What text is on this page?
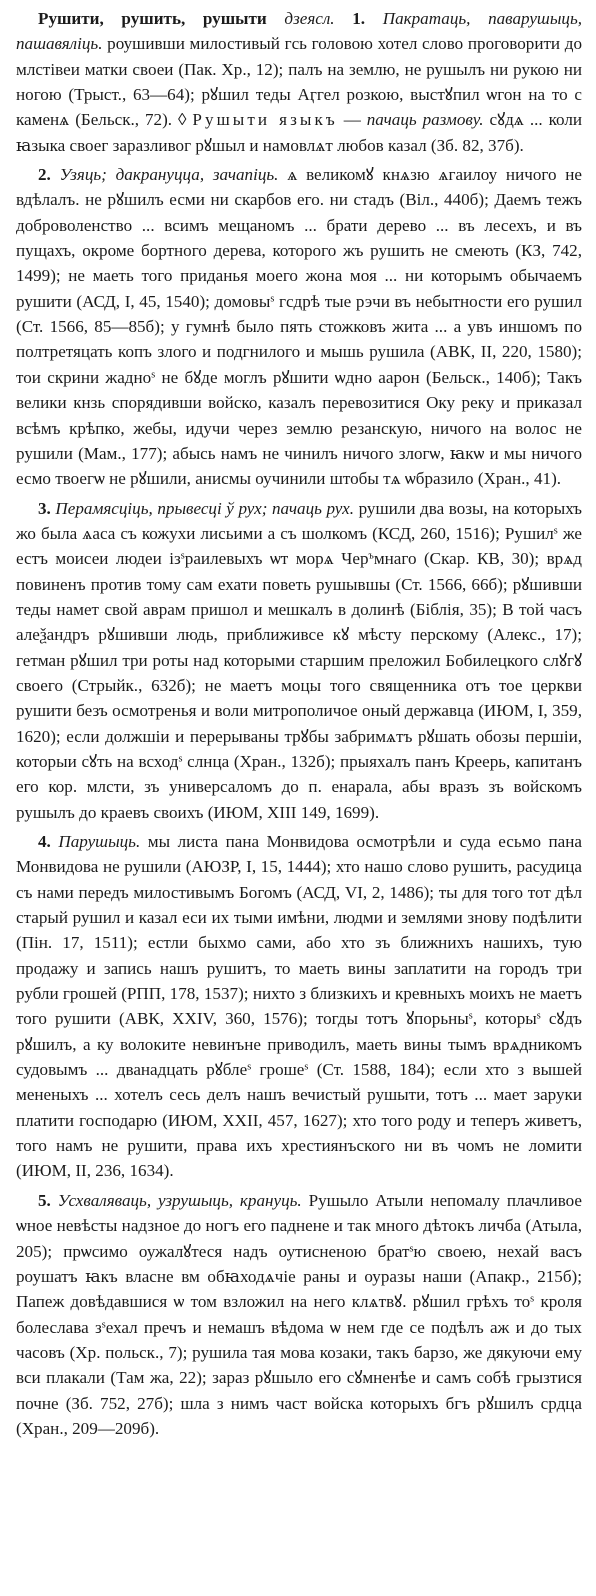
Рушити, рушить, рушыти дзеясл. 1. Пакратаць, паварушыць, пашавяліць. роушивши милостивый гсь головою хотел слово проговорити до млстівеи матки своеи (Пак. Хр., 12); палъ на землю, не рушылъ ни рукою ни ногою (Трыст., 63—64); рꙋшил теды Аӷгел розкою, выстꙋпил ѡгон на то с каменѧ (Бельск., 72). ◊ Рушыти языкъ — пачаць размову. сꙋдѧ ... коли ꙗзыка своег заразливог рꙋшыл и намовлѧт любов казал (Зб. 82, 37б).

2. Узяць; дакрануцца, зачапіць. ѧ великомꙋ кнѧзю ѧгаилоу ничого не вдѣлалъ. не рꙋшилъ есми ни скарбов его. ни стадъ (Віл., 440б); Даемъ тежъ доброволенство ... всимъ мещаномъ ... брати дерево ... въ лесехъ, и въ пущахъ, окроме бортного дерева, которого жъ рушить не смеють (КЗ, 742, 1499); не маеть того приданья моего жона моя ... ни которымъ обычаемъ рушити (АСД, I, 45, 1540); домовы$^s$ гсдрѣ тые рэчи въ небытности его рушил (Ст. 1566, 85—85б); у гумнѣ было пять стожковъ жита ... а увъ иншомъ по полтретяцать копъ злого и подгнилого и мышь рушила (АВК, II, 220, 1580); тои скрини жадно$^s$ не бꙋде моглъ рꙋшити ѡдно аарон (Бельск., 140б); Такъ велики кнзь спорядивши войско, казалъ перевозитися Оку реку и приказал всѣмъ крѣпко, жебы, идучи через землю резанскую, ничого на волос не рушили (Мам., 177); абысь намъ не чинилъ ничого злогѡ, ꙗкѡ и мы ничого есмо твоегѡ не рꙋшили, анисмы оучинили штобы тѧ ѡбразило (Хран., 41).

3. Перамясціць, прывесці ў рух; пачаць рух. рушили два возы, на которыхъ жо была ѧаса съ кожухи лисьими а съ шолкомъ (КСД, 260, 1516); Рушил$^s$ же естъ моисеи людеи $із^sраилевыхъ$ ѡт морѧ Чер$^ъ$мнаго (Скар. КВ, 30); врѧд повиненъ против тому сам ехати поветь рушывшы (Ст. 1566, 66б); рꙋшивши теды намет свой аврам пришол и мешкалъ в долинѣ (Біблія, 35); В той часъ алеѯандръ рꙋшивши людь, приближивсе кꙋ мѣсту перскому (Алекс., 17); гетман рꙋшил три роты над которыми старшим преложил Бобилецкого слꙋгꙋ своего (Стрыйк., 632б); не маетъ моцы того священника отъ тое церкви рушити безъ осмотренья и воли митрополичое оный державца (ИЮМ, I, 359, 1620); если должшіи и перерываны трꙋбы забримѧтъ рꙋшать обозы першіи, которыи сꙋть на всход$^s$ слнца (Хран., 132б); прыяхалъ панъ Креерь, капитанъ его кор. млсти, зъ универсаломъ до п. енарала, абы вразъ зъ войскомъ рушылъ до краевъ своихъ (ИЮМ, XIII 149, 1699).

4. Парушыць. мы листа пана Монвидова осмотрѣли и суда есьмо пана Монвидова не рушили (АЮЗР, I, 15, 1444); хто нашо слово рушить, расудица съ нами передъ милостивымъ Богомъ (АСД, VI, 2, 1486); ты для того тот дѣл старый рушил и казал еси их тыми имѣни, людми и землями знову подѣлити (Пін. 17, 1511); естли быхмо сами, або хто зъ ближнихъ нашихъ, тую продажу и запись нашъ рушитъ, то маеть вины заплатити на городъ три рубли грошей (РПП, 178, 1537); нихто з близкихъ и кревныхъ моихъ не маетъ того рушити (АВК, XXIV, 360, 1576); тогды тотъ ꙋпорьны$^s$, которы$^s$ сꙋдъ рꙋшилъ, а ку волоките невинъне приводилъ, маеть вины тымъ врѧдникомъ судовымъ ... дванадцать рꙋбле$^s$ гроше$^s$ (Ст. 1588, 184); если хто з вышей мененыхъ ... хотелъ сесь делъ нашъ вечистый рушыти, тотъ ... мает заруки платити господарю (ИЮМ, XXII, 457, 1627); хто того роду и теперъ живетъ, того намъ не рушити, права ихъ хрестиянъского ни въ чомъ не ломити (ИЮМ, II, 236, 1634).

5. Усхваляваць, узрушыць, крануць. Рушыло Атыли непомалу плачливое ѡное невѣсты надзное до ногъ его паднене и так много дѣтокъ личба (Атыла, 205); прѡсимо оужалꙋтеся надъ оутисненою брат$^s$ю своею, нехай васъ роушатъ ꙗкъ власне вм обꙗходѧчіе раны и оуразы наши (Апакр., 215б); Папеж довѣдавшися ѡ том взложил на него клѧтвꙋ. рꙋшил грѣхъ $то^s$ кроля болеслава $з^sехал$ пречъ и немашъ вѣдома ѡ нем где се подѣлъ аж и до тых часовъ (Хр. польск., 7); рушила тая мова козаки, такъ барзо, же дякуючи ему вси плакали (Там жа, 22); зараз рꙋшыло его сꙋмненѣе и самъ собѣ грызтися почне (Зб. 752, 27б); шла з нимъ част войска которыхъ бгъ рꙋшилъ срдца (Хран., 209—209б).
